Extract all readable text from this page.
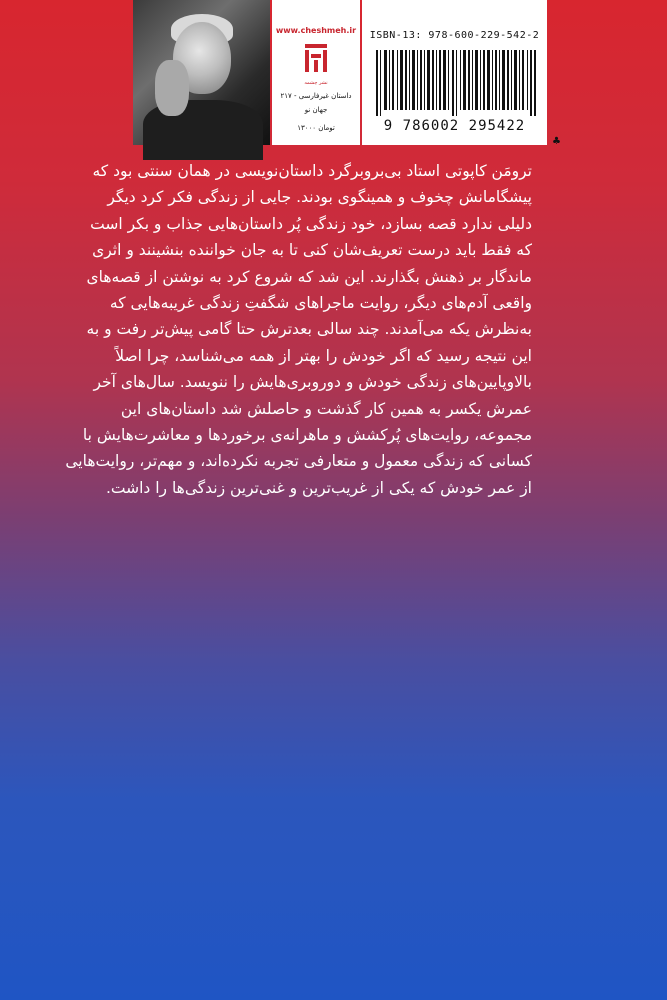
www.cheshmeh.ir
نشر چشمه
داستان غیرفارسی - ۲۱۷
جهان نو
۱۳۰۰۰ تومان
ISBN-13: 978-600-229-542-2
9 786002 295422
♣
ترومَن کاپوتی استاد بی‌بروبرگرد داستان‌نویسی در همان سنتی بود که
پیشگامانش چخوف و همینگوی بودند. جایی از زندگی فکر کرد دیگر
دلیلی ندارد قصه بسازد، خود زندگی پُر داستان‌هایی جذاب و بکر است
که فقط باید درست تعریف‌شان کنی تا به جان خواننده بنشینند و اثری
ماندگار بر ذهنش بگذارند. این شد که شروع کرد به نوشتن از قصه‌های
واقعی آدم‌های دیگر، روایت ماجراهای شگفتِ زندگی غریبه‌هایی که
به‌نظرش یکه می‌آمدند. چند سالی بعدترش حتا گامی پیش‌تر رفت و به
این نتیجه رسید که اگر خودش را بهتر از همه می‌شناسد، چرا اصلاً
بالاوپایین‌های زندگی خودش و دوروبری‌هایش را ننویسد. سال‌های آخر
عمرش یکسر به همین کار گذشت و حاصلش شد داستان‌های این
مجموعه، روایت‌های پُرکشش و ماهرانه‌ی برخوردها و معاشرت‌هایش با
کسانی که زندگی معمول و متعارفی تجربه نکرده‌اند، و مهم‌تر، روایت‌هایی
از عمر خودش که یکی از غریب‌ترین و غنی‌ترین زندگی‌ها را داشت.
